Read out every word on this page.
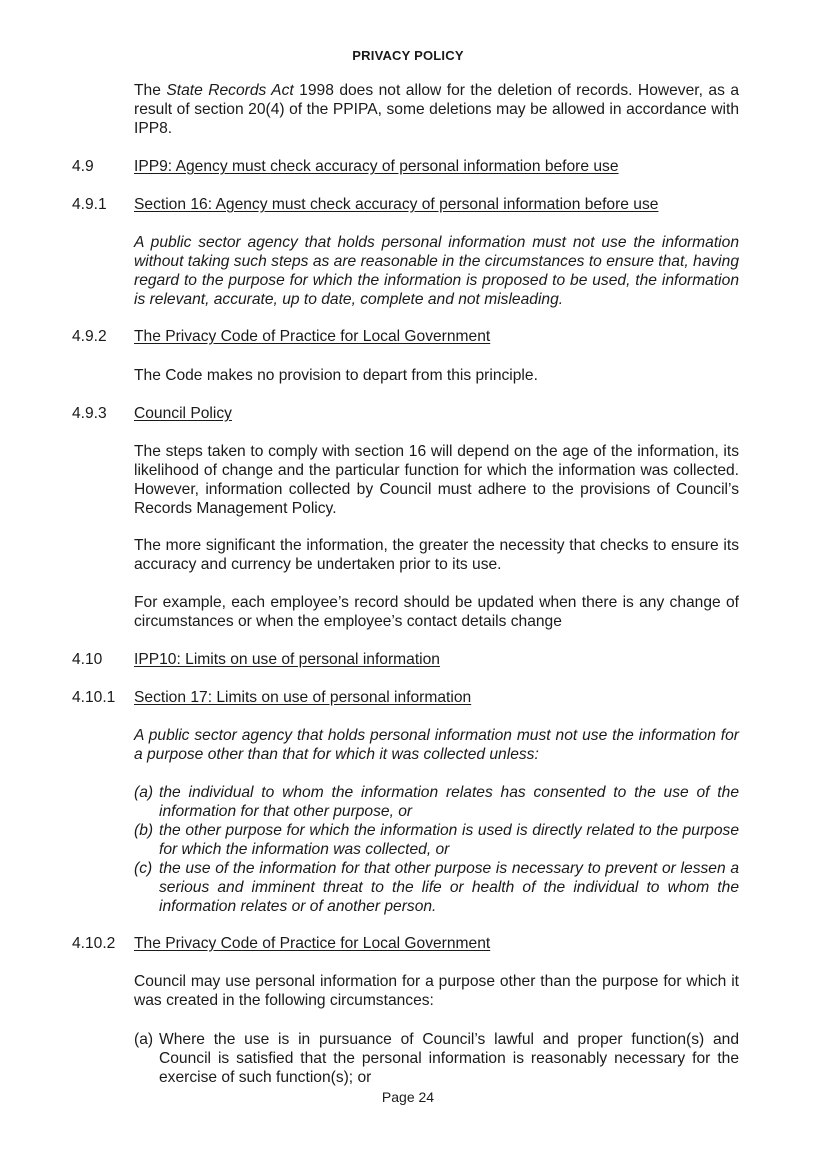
PRIVACY POLICY
The State Records Act 1998 does not allow for the deletion of records. However, as a result of section 20(4) of the PPIPA, some deletions may be allowed in accordance with IPP8.
4.9	IPP9: Agency must check accuracy of personal information before use
4.9.1 Section 16: Agency must check accuracy of personal information before use
A public sector agency that holds personal information must not use the information without taking such steps as are reasonable in the circumstances to ensure that, having regard to the purpose for which the information is proposed to be used, the information is relevant, accurate, up to date, complete and not misleading.
4.9.2 The Privacy Code of Practice for Local Government
The Code makes no provision to depart from this principle.
4.9.3 Council Policy
The steps taken to comply with section 16 will depend on the age of the information, its likelihood of change and the particular function for which the information was collected. However, information collected by Council must adhere to the provisions of Council’s Records Management Policy.
The more significant the information, the greater the necessity that checks to ensure its accuracy and currency be undertaken prior to its use.
For example, each employee’s record should be updated when there is any change of circumstances or when the employee’s contact details change
4.10 IPP10: Limits on use of personal information
4.10.1 Section 17: Limits on use of personal information
A public sector agency that holds personal information must not use the information for a purpose other than that for which it was collected unless:
(a) the individual to whom the information relates has consented to the use of the information for that other purpose, or
(b) the other purpose for which the information is used is directly related to the purpose for which the information was collected, or
(c) the use of the information for that other purpose is necessary to prevent or lessen a serious and imminent threat to the life or health of the individual to whom the information relates or of another person.
4.10.2 The Privacy Code of Practice for Local Government
Council may use personal information for a purpose other than the purpose for which it was created in the following circumstances:
(a) Where the use is in pursuance of Council’s lawful and proper function(s) and Council is satisfied that the personal information is reasonably necessary for the exercise of such function(s); or
Page 24
